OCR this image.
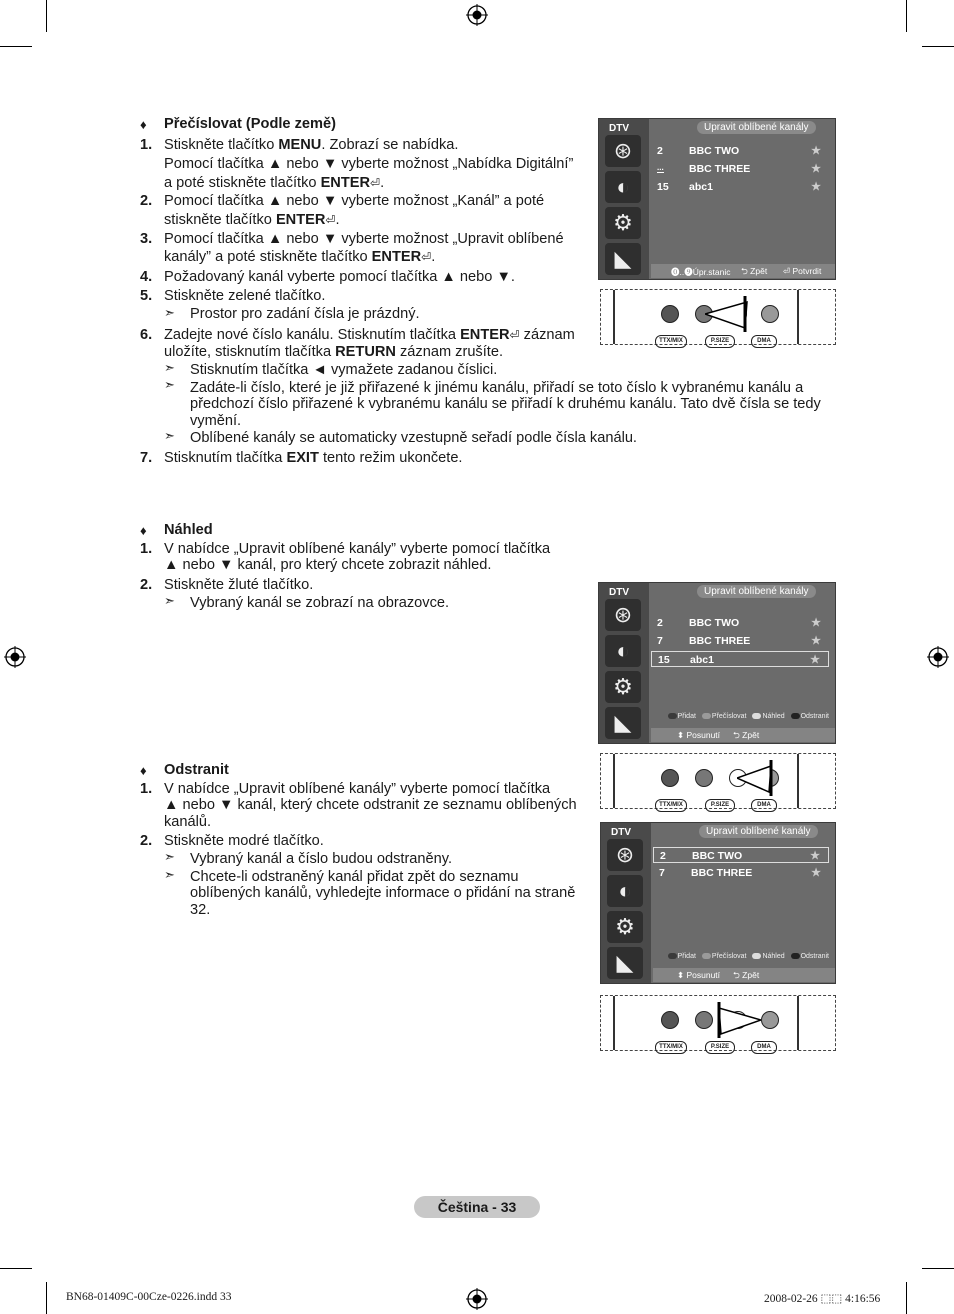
♦ Přečíslovat (Podle země)
1. Stiskněte tlačítko MENU. Zobrazí se nabídka.
Pomocí tlačítka ▲ nebo ▼ vyberte možnost „Nabídka Digitální”
a poté stiskněte tlačítko ENTER⏎.
2. Pomocí tlačítka ▲ nebo ▼ vyberte možnost „Kanál” a poté
stiskněte tlačítko ENTER⏎.
3. Pomocí tlačítka ▲ nebo ▼ vyberte možnost „Upravit oblíbené
kanály” a poté stiskněte tlačítko ENTER⏎.
4. Požadovaný kanál vyberte pomocí tlačítka ▲ nebo ▼.
5. Stiskněte zelené tlačítko.
➣ Prostor pro zadání čísla je prázdný.
6. Zadejte nové číslo kanálu. Stisknutím tlačítka ENTER⏎ záznam
uložíte, stisknutím tlačítka RETURN záznam zrušíte.
➣ Stisknutím tlačítka ◄ vymažete zadanou číslici.
➣ Zadáte-li číslo, které je již přiřazené k jinému kanálu, přiřadí se toto číslo k vybranému kanálu a
předchozí číslo přiřazené k vybranému kanálu se přiřadí k druhému kanálu. Tato dvě čísla se tedy
vymění.
➣ Oblíbené kanály se automaticky vzestupně seřadí podle čísla kanálu.
7. Stisknutím tlačítka EXIT tento režim ukončete.
♦ Náhled
1. V nabídce „Upravit oblíbené kanály” vyberte pomocí tlačítka
▲ nebo ▼ kanál, pro který chcete zobrazit náhled.
2. Stiskněte žluté tlačítko.
➣ Vybraný kanál se zobrazí na obrazovce.
♦ Odstranit
1. V nabídce „Upravit oblíbené kanály” vyberte pomocí tlačítka
▲ nebo ▼ kanál, který chcete odstranit ze seznamu oblíbených
kanálů.
2. Stiskněte modré tlačítko.
➣ Vybraný kanál a číslo budou odstraněny.
➣ Chcete-li odstraněný kanál přidat zpět do seznamu
oblíbených kanálů, vyhledejte informace o přidání na straně
32.
DTV
⊛
◐
⚙
◣
Upravit oblíbené kanály
2 BBC TWO	★
... BBC THREE	★
15 abc1	★
⓿..❾Úpr.stanic ⮌ Zpět ⏎ Potvrdit
TTX/MIX	P.SIZE	DMA
DTV
⊛
◐
⚙
◣
Upravit oblíbené kanály
2 BBC TWO	★
7 BBC THREE	★
15 abc1	★
Přidat Přečíslovat Náhled Odstranit
⬍ Posunutí ⮌ Zpět
TTX/MIX	P.SIZE	DMA
DTV
⊛
◐
⚙
◣
Upravit oblíbené kanály
2 BBC TWO	★
7 BBC THREE	★
Přidat Přečíslovat Náhled Odstranit
⬍ Posunutí ⮌ Zpět
TTX/MIX	P.SIZE	DMA
Čeština - 33
BN68-01409C-00Cze-0226.indd 33	2008-02-26 ⬚⬚ 4:16:56
